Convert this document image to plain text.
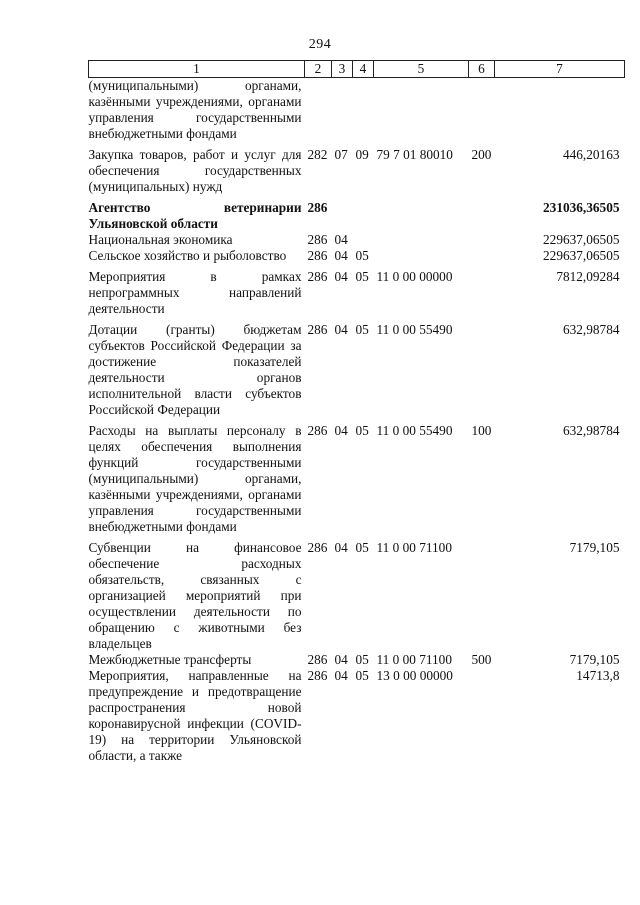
294
1	2	3	4	5	6	7
(муниципальными) органами, казёнными учреждениями, органами управления государственными внебюджетными фондами						
Закупка товаров, работ и услуг для обеспечения государственных (муниципальных) нужд	282	07	09	79 7 01 80010	200	446,20163
Агентство ветеринарии Ульяновской области	286					231036,36505
Национальная экономика	286	04				229637,06505
Сельское хозяйство и рыболовство	286	04	05			229637,06505
Мероприятия в рамках непрограммных направлений деятельности	286	04	05	11 0 00 00000		7812,09284
Дотации (гранты) бюджетам субъектов Российской Федерации за достижение показателей деятельности органов исполнительной власти субъектов Российской Федерации	286	04	05	11 0 00 55490		632,98784
Расходы на выплаты персоналу в целях обеспечения выполнения функций государственными (муниципальными) органами, казёнными учреждениями, органами управления государственными внебюджетными фондами	286	04	05	11 0 00 55490	100	632,98784
Субвенции на финансовое обеспечение расходных обязательств, связанных с организацией мероприятий при осуществлении деятельности по обращению с животными без владельцев	286	04	05	11 0 00 71100		7179,105
Межбюджетные трансферты	286	04	05	11 0 00 71100	500	7179,105
Мероприятия, направленные на предупреждение и предотвращение распространения новой коронавирусной инфекции (COVID-19) на территории Ульяновской области, а также	286	04	05	13 0 00 00000		14713,8
